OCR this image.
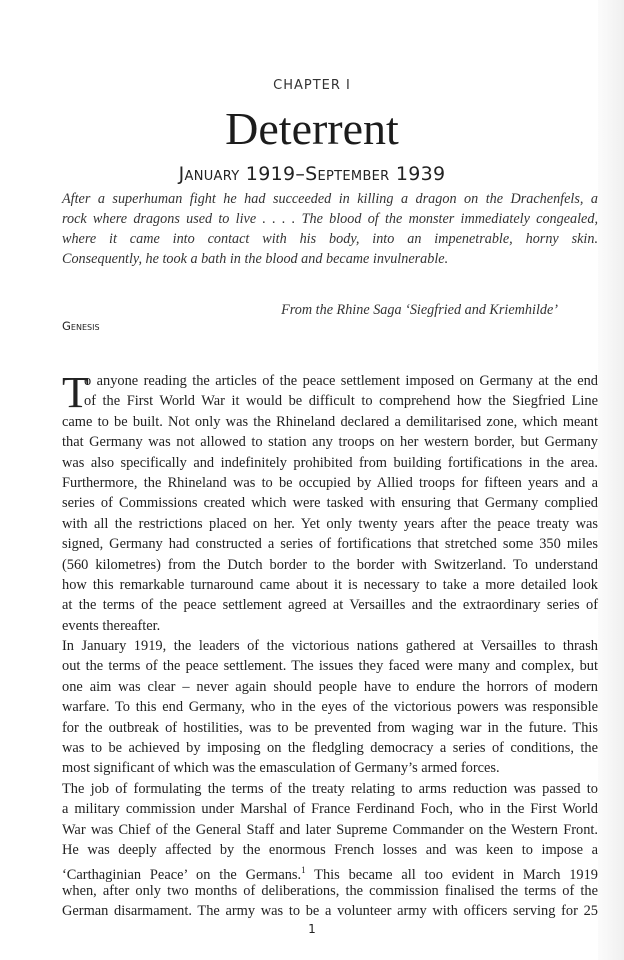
CHAPTER I
Deterrent
January 1919–September 1939
After a superhuman fight he had succeeded in killing a dragon on the Drachenfels, a
rock where dragons used to live . . . . The blood of the monster immediately congealed,
where it came into contact with his body, into an impenetrable, horny skin.
Consequently, he took a bath in the blood and became invulnerable.
From the Rhine Saga ‘Siegfried and Kriemhilde’
Genesis
T
o anyone reading the articles of the peace settlement imposed on Germany at the end
of the First World War it would be difficult to comprehend how the Siegfried Line
came to be built. Not only was the Rhineland declared a demilitarised zone, which meant
that Germany was not allowed to station any troops on her western border, but Germany
was also specifically and indefinitely prohibited from building fortifications in the area.
Furthermore, the Rhineland was to be occupied by Allied troops for fifteen years and a
series of Commissions created which were tasked with ensuring that Germany complied
with all the restrictions placed on her. Yet only twenty years after the peace treaty was
signed, Germany had constructed a series of fortifications that stretched some 350 miles
(560 kilometres) from the Dutch border to the border with Switzerland. To understand
how this remarkable turnaround came about it is necessary to take a more detailed look
at the terms of the peace settlement agreed at Versailles and the extraordinary series of
events thereafter.
In January 1919, the leaders of the victorious nations gathered at Versailles to thrash
out the terms of the peace settlement. The issues they faced were many and complex, but
one aim was clear – never again should people have to endure the horrors of modern
warfare. To this end Germany, who in the eyes of the victorious powers was responsible
for the outbreak of hostilities, was to be prevented from waging war in the future. This
was to be achieved by imposing on the fledgling democracy a series of conditions, the
most significant of which was the emasculation of Germany’s armed forces.
The job of formulating the terms of the treaty relating to arms reduction was passed to
a military commission under Marshal of France Ferdinand Foch, who in the First World
War was Chief of the General Staff and later Supreme Commander on the Western Front.
He was deeply affected by the enormous French losses and was keen to impose a
‘Carthaginian Peace’ on the Germans.$^1$ This became all too evident in March 1919
when, after only two months of deliberations, the commission finalised the terms of the
German disarmament. The army was to be a volunteer army with officers serving for 25
1
